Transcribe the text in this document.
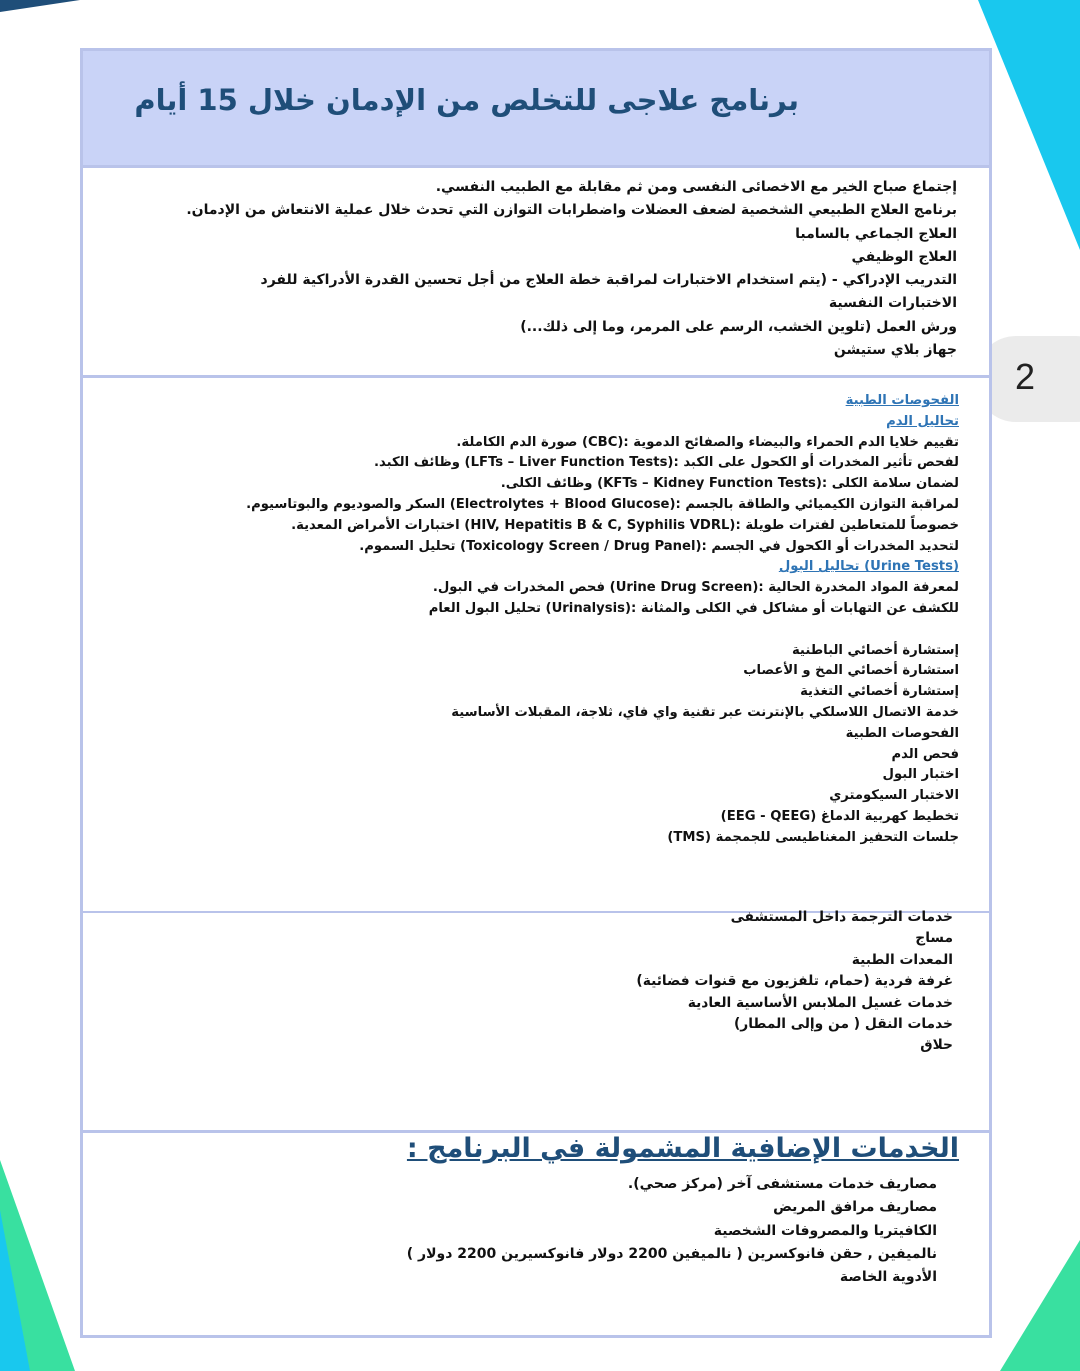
2
برنامج علاجى للتخلص من الإدمان خلال 15 أيام
إجتماع صباح الخير مع الاخصائى النفسى ومن ثم مقابلة مع الطبيب النفسي.
برنامج العلاج الطبيعي الشخصية لضعف العضلات واضطرابات التوازن التي تحدث خلال عملية الانتعاش من الإدمان.
العلاج الجماعي بالسامبا
العلاج الوظيفي
التدريب الإدراكي - (يتم استخدام الاختبارات لمراقبة خطة العلاج من أجل تحسين القدرة الأدراكية للفرد
الاختبارات النفسية
ورش العمل (تلوين الخشب، الرسم على المرمر، وما إلى ذلك...)
جهاز بلاي ستيشن
الفحوصات الطبية
تحاليل الدم
تقييم خلايا الدم الحمراء والبيضاء والصفائح الدموية :(CBC) صورة الدم الكاملة.
لفحص تأثير المخدرات أو الكحول على الكبد :(LFTs – Liver Function Tests) وظائف الكبد.
لضمان سلامة الكلى :(KFTs – Kidney Function Tests) وظائف الكلى.
لمراقبة التوازن الكيميائي والطاقة بالجسم :(Electrolytes + Blood Glucose) السكر والصوديوم والبوتاسيوم.
خصوصاً للمتعاطين لفترات طويلة :(HIV, Hepatitis B & C, Syphilis VDRL) اختبارات الأمراض المعدية.
لتحديد المخدرات أو الكحول في الجسم :(Toxicology Screen / Drug Panel) تحليل السموم.
(Urine Tests) تحاليل البول
لمعرفة المواد المخدرة الحالية :(Urine Drug Screen) فحص المخدرات في البول.
للكشف عن التهابات أو مشاكل في الكلى والمثانة :(Urinalysis) تحليل البول العام
إستشارة أخصائي الباطنية
استشارة أخصائي المخ و الأعصاب
إستشارة أخصائي التغذية
خدمة الاتصال اللاسلكي بالإنترنت عبر تقنية واي فاي، ثلاجة، المقبلات الأساسية
الفحوصات الطبية
فحص الدم
اختبار البول
الاختبار السيكومتري
تخطيط كهربية الدماغ (EEG - QEEG)
جلسات التحفيز المغناطيسى للجمجمة (TMS)
خدمات الترجمة داخل المستشفى
مساج
المعدات الطبية
غرفة فردية (حمام، تلفزيون مع قنوات فضائية)
خدمات غسيل الملابس الأساسية العادية
خدمات النقل ( من وإلى المطار)
حلاق
الخدمات الإضافية المشمولة في البرنامج :
مصاريف خدمات مستشفى آخر (مركز صحي).
مصاريف مرافق المريض
الكافيتريا والمصروفات الشخصية
نالميفين , حقن فانوكسرين ( نالميفين 2200 دولار فانوكسيرين 2200 دولار )
الأدوية الخاصة
